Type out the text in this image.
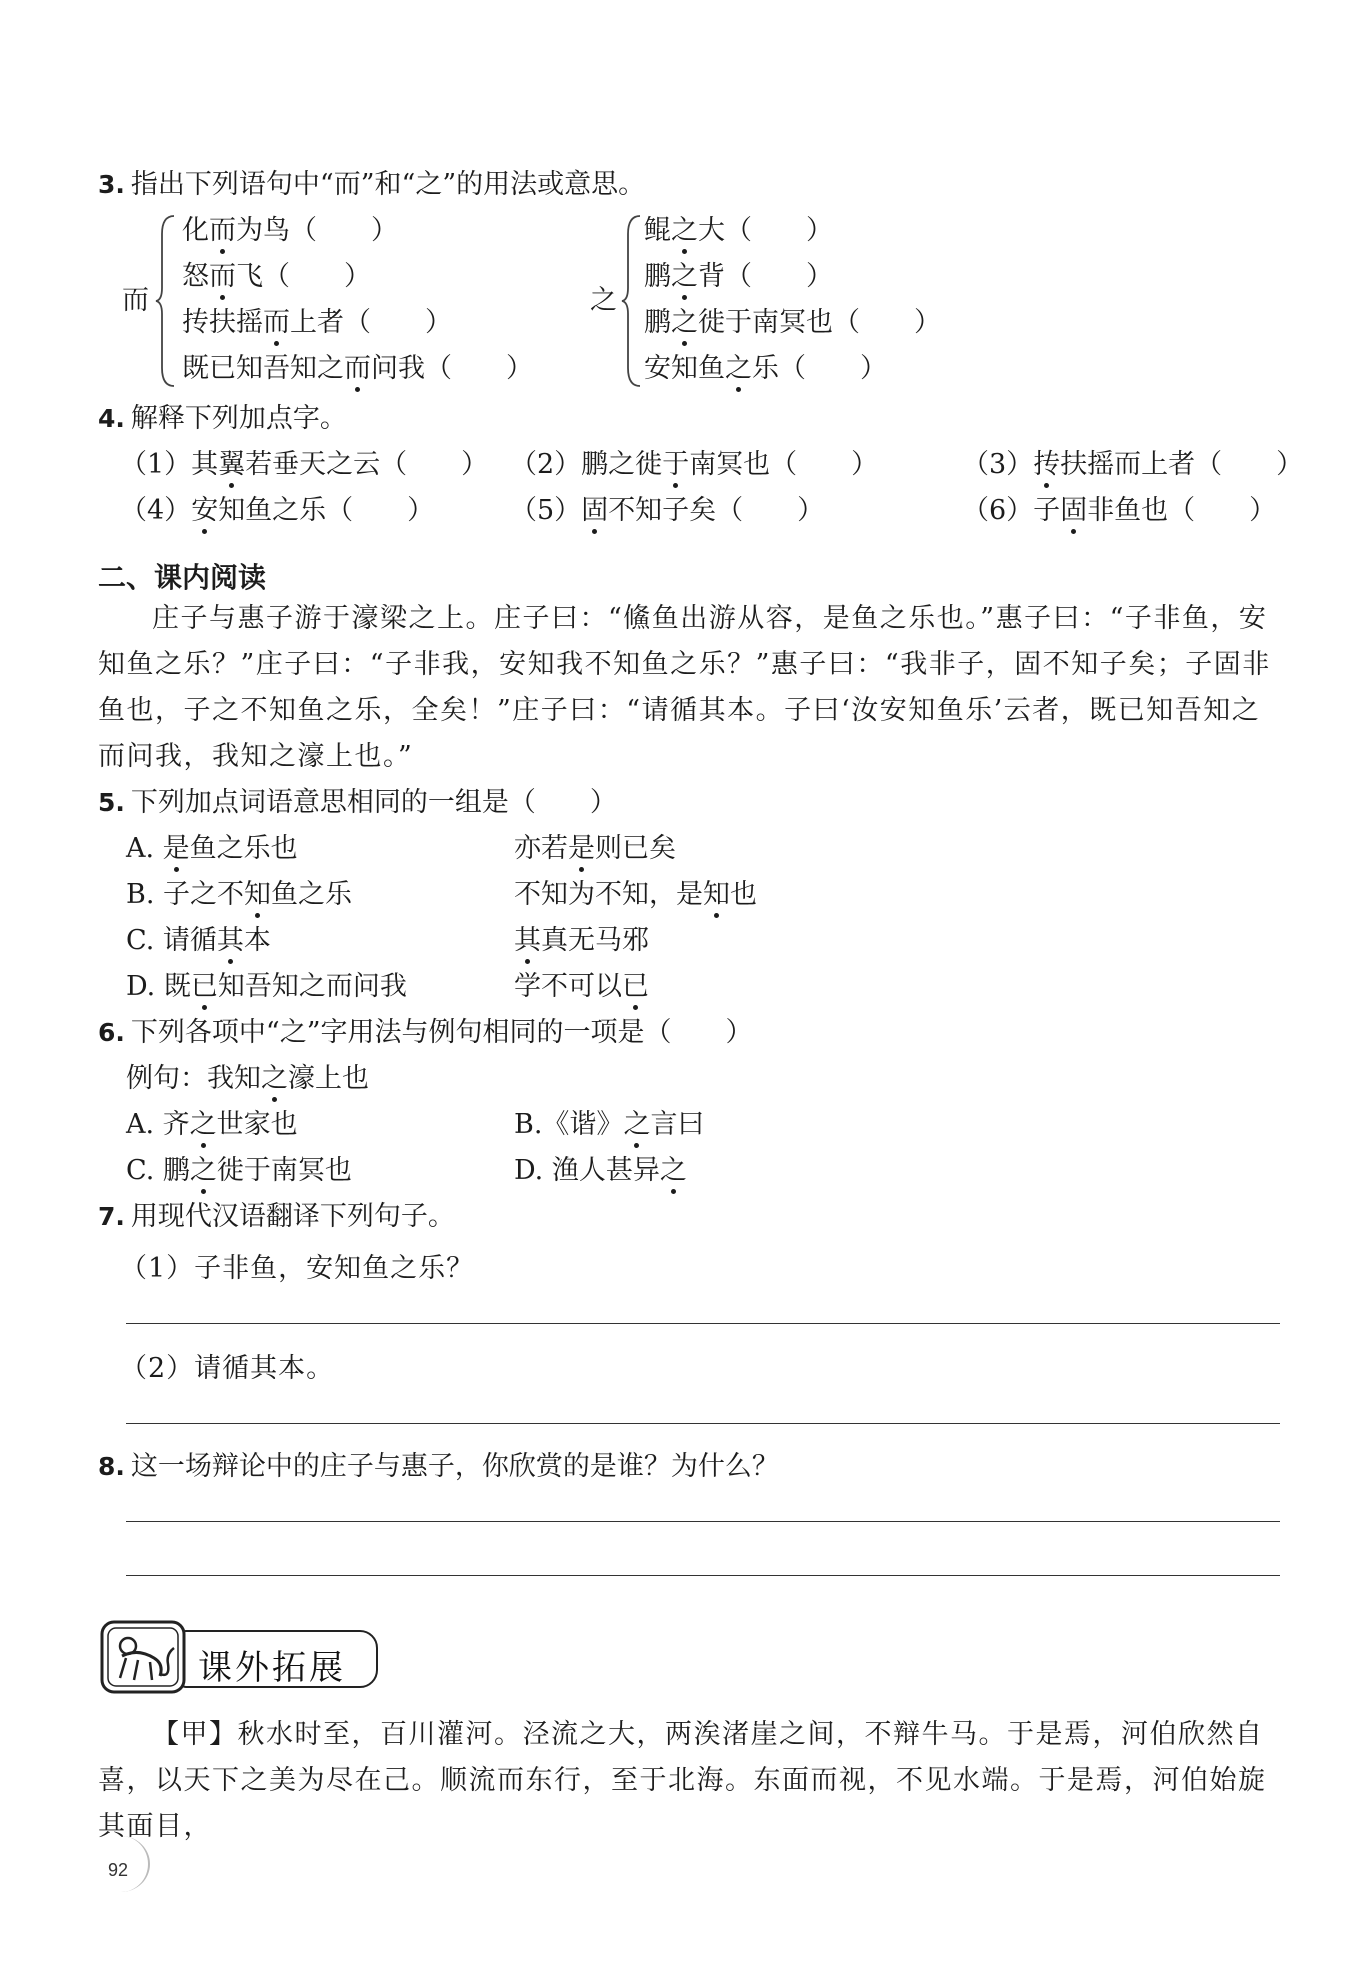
3. 指出下列语句中“而”和“之”的用法或意思。
而
化而为鸟（　　）
怒而飞（　　）
抟扶摇而上者（　　）
既已知吾知之而问我（　　）
之
鲲之大（　　）
鹏之背（　　）
鹏之徙于南冥也（　　）
安知鱼之乐（　　）
4. 解释下列加点字。
（1）其翼若垂天之云（　　） （2）鹏之徙于南冥也（　　）	（3）抟扶摇而上者（　　）
（4）安知鱼之乐（　　）	（5）固不知子矣（　　）	（6）子固非鱼也（　　）
二、课内阅读
庄子与惠子游于濠梁之上。庄子曰：“鯈鱼出游从容，是鱼之乐也。”惠子曰：“子非鱼，安知鱼之乐？”庄子曰：“子非我，安知我不知鱼之乐？”惠子曰：“我非子，固不知子矣；子固非鱼也，子之不知鱼之乐，全矣！”庄子曰：“请循其本。子曰‘汝安知鱼乐’云者，既已知吾知之而问我，我知之濠上也。”
5. 下列加点词语意思相同的一组是（　　）
A. 是鱼之乐也	亦若是则已矣
B. 子之不知鱼之乐	不知为不知，是知也
C. 请循其本	其真无马邪
D. 既已知吾知之而问我	学不可以已
6. 下列各项中“之”字用法与例句相同的一项是（　　）
例句：我知之濠上也
A. 齐之世家也	B.《谐》之言曰
C. 鹏之徙于南冥也	D. 渔人甚异之
7. 用现代汉语翻译下列句子。
（1）子非鱼，安知鱼之乐？
（2）请循其本。
8. 这一场辩论中的庄子与惠子，你欣赏的是谁？为什么？
课外拓展
【甲】秋水时至，百川灌河。泾流之大，两涘渚崖之间，不辩牛马。于是焉，河伯欣然自喜，以天下之美为尽在己。顺流而东行，至于北海。东面而视，不见水端。于是焉，河伯始旋其面目，
92
